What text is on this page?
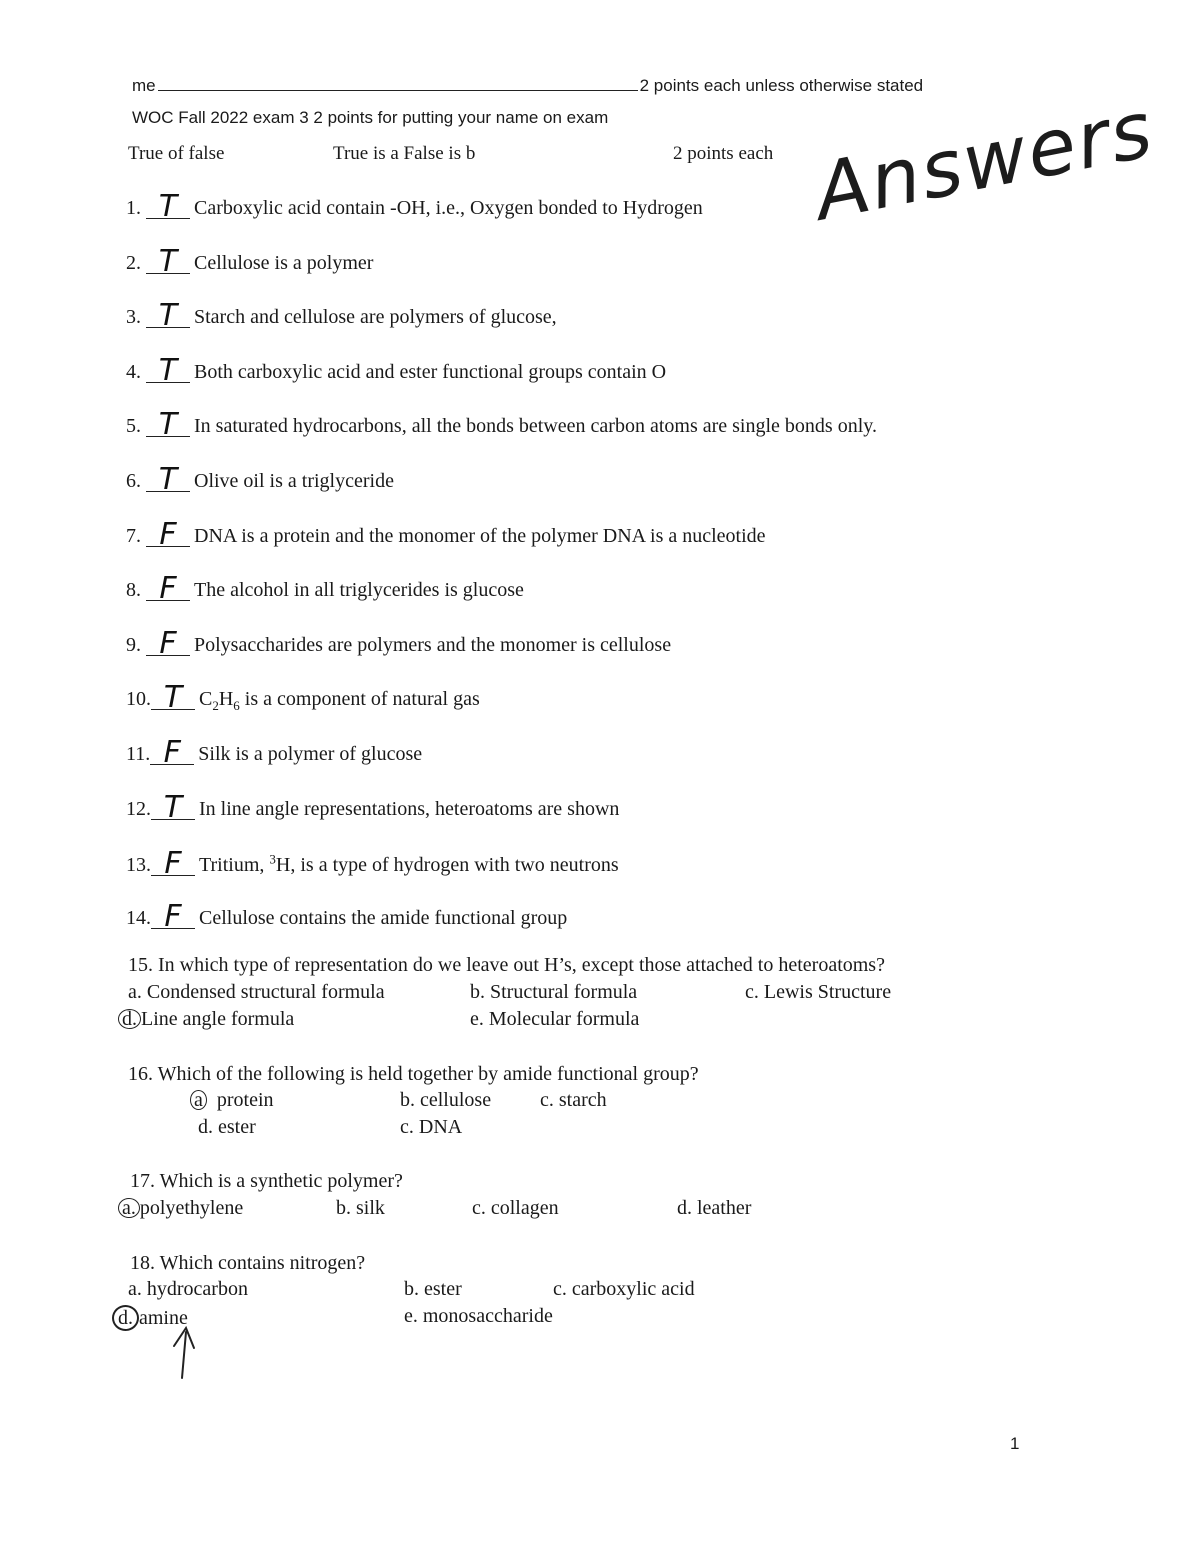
me	2 points each unless otherwise stated
WOC Fall 2022 exam 3 2 points for putting your name on exam
True of false	True is a False is b	2 points each Answers
1. T Carboxylic acid contain -OH, i.e., Oxygen bonded to Hydrogen
2. T Cellulose is a polymer
3. T Starch and cellulose are polymers of glucose,
4. T Both carboxylic acid and ester functional groups contain O
5. T In saturated hydrocarbons, all the bonds between carbon atoms are single bonds only.
6. T Olive oil is a triglyceride
7. F DNA is a protein and the monomer of the polymer DNA is a nucleotide
8. F The alcohol in all triglycerides is glucose
9. F Polysaccharides are polymers and the monomer is cellulose
10. T $C_2H_6$ is a component of natural gas
11. F Silk is a polymer of glucose
12. T In line angle representations, heteroatoms are shown
13. F Tritium, $^3$H, is a type of hydrogen with two neutrons
14. F Cellulose contains the amide functional group
15. In which type of representation do we leave out H’s, except those attached to heteroatoms?
a. Condensed structural formula	b. Structural formula	c. Lewis Structure
d. Line angle formula	e. Molecular formula
16. Which of the following is held together by amide functional group?
a protein	b. cellulose c. starch
d. ester	c. DNA
17. Which is a synthetic polymer?
a. polyethylene	b. silk	c. collagen	d. leather
18. Which contains nitrogen?
a. hydrocarbon	b. ester	c. carboxylic acid
d. amine	e. monosaccharide
1
